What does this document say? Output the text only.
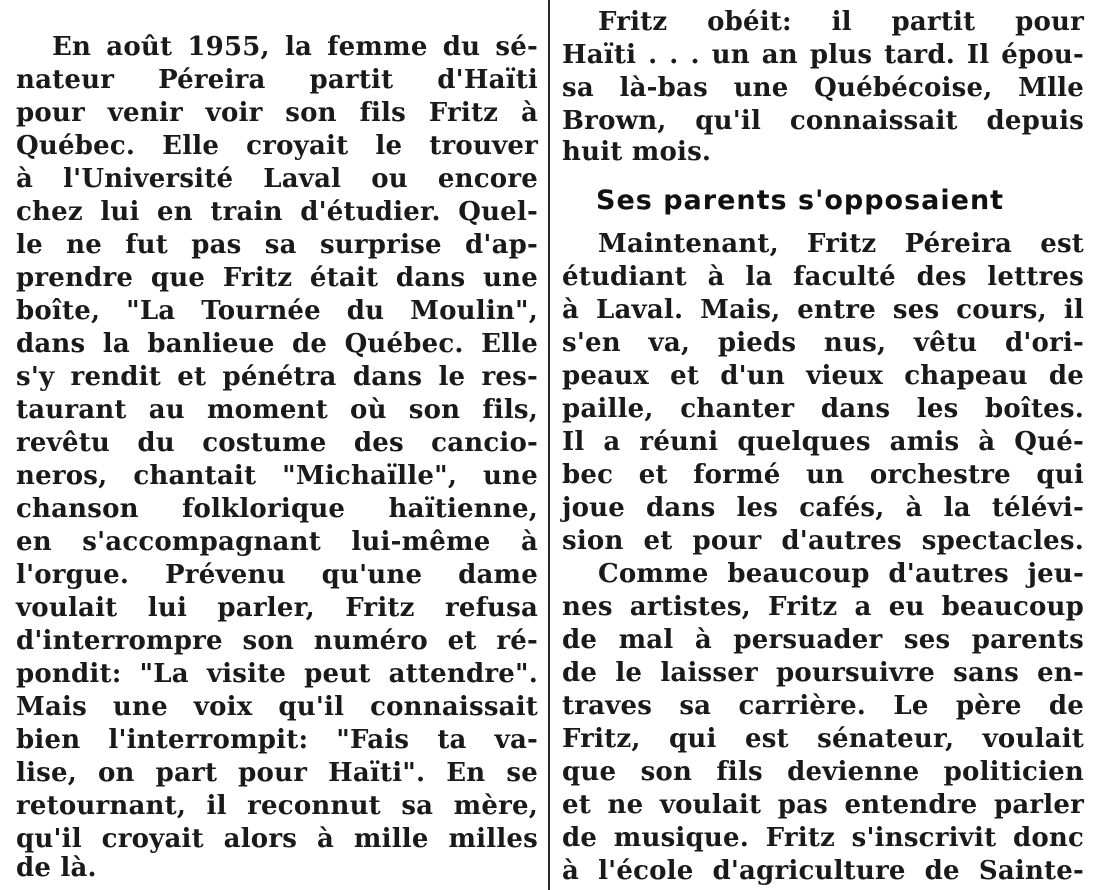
En août 1955, la femme du sé-
nateur Péreira partit d'Haïti
pour venir voir son fils Fritz à
Québec. Elle croyait le trouver
à l'Université Laval ou encore
chez lui en train d'étudier. Quel-
le ne fut pas sa surprise d'ap-
prendre que Fritz était dans une
boîte, "La Tournée du Moulin",
dans la banlieue de Québec. Elle
s'y rendit et pénétra dans le res-
taurant au moment où son fils,
revêtu du costume des cancio-
neros, chantait "Michaïlle", une
chanson folklorique haïtienne,
en s'accompagnant lui-même à
l'orgue. Prévenu qu'une dame
voulait lui parler, Fritz refusa
d'interrompre son numéro et ré-
pondit: "La visite peut attendre".
Mais une voix qu'il connaissait
bien l'interrompit: "Fais ta va-
lise, on part pour Haïti". En se
retournant, il reconnut sa mère,
qu'il croyait alors à mille milles
de là.
Fritz obéit: il partit pour
Haïti . . . un an plus tard. Il épou-
sa là-bas une Québécoise, Mlle
Brown, qu'il connaissait depuis
huit mois.
Ses parents s'opposaient
Maintenant, Fritz Péreira est
étudiant à la faculté des lettres
à Laval. Mais, entre ses cours, il
s'en va, pieds nus, vêtu d'ori-
peaux et d'un vieux chapeau de
paille, chanter dans les boîtes.
Il a réuni quelques amis à Qué-
bec et formé un orchestre qui
joue dans les cafés, à la télévi-
sion et pour d'autres spectacles.
Comme beaucoup d'autres jeu-
nes artistes, Fritz a eu beaucoup
de mal à persuader ses parents
de le laisser poursuivre sans en-
traves sa carrière. Le père de
Fritz, qui est sénateur, voulait
que son fils devienne politicien
et ne voulait pas entendre parler
de musique. Fritz s'inscrivit donc
à l'école d'agriculture de Sainte-
